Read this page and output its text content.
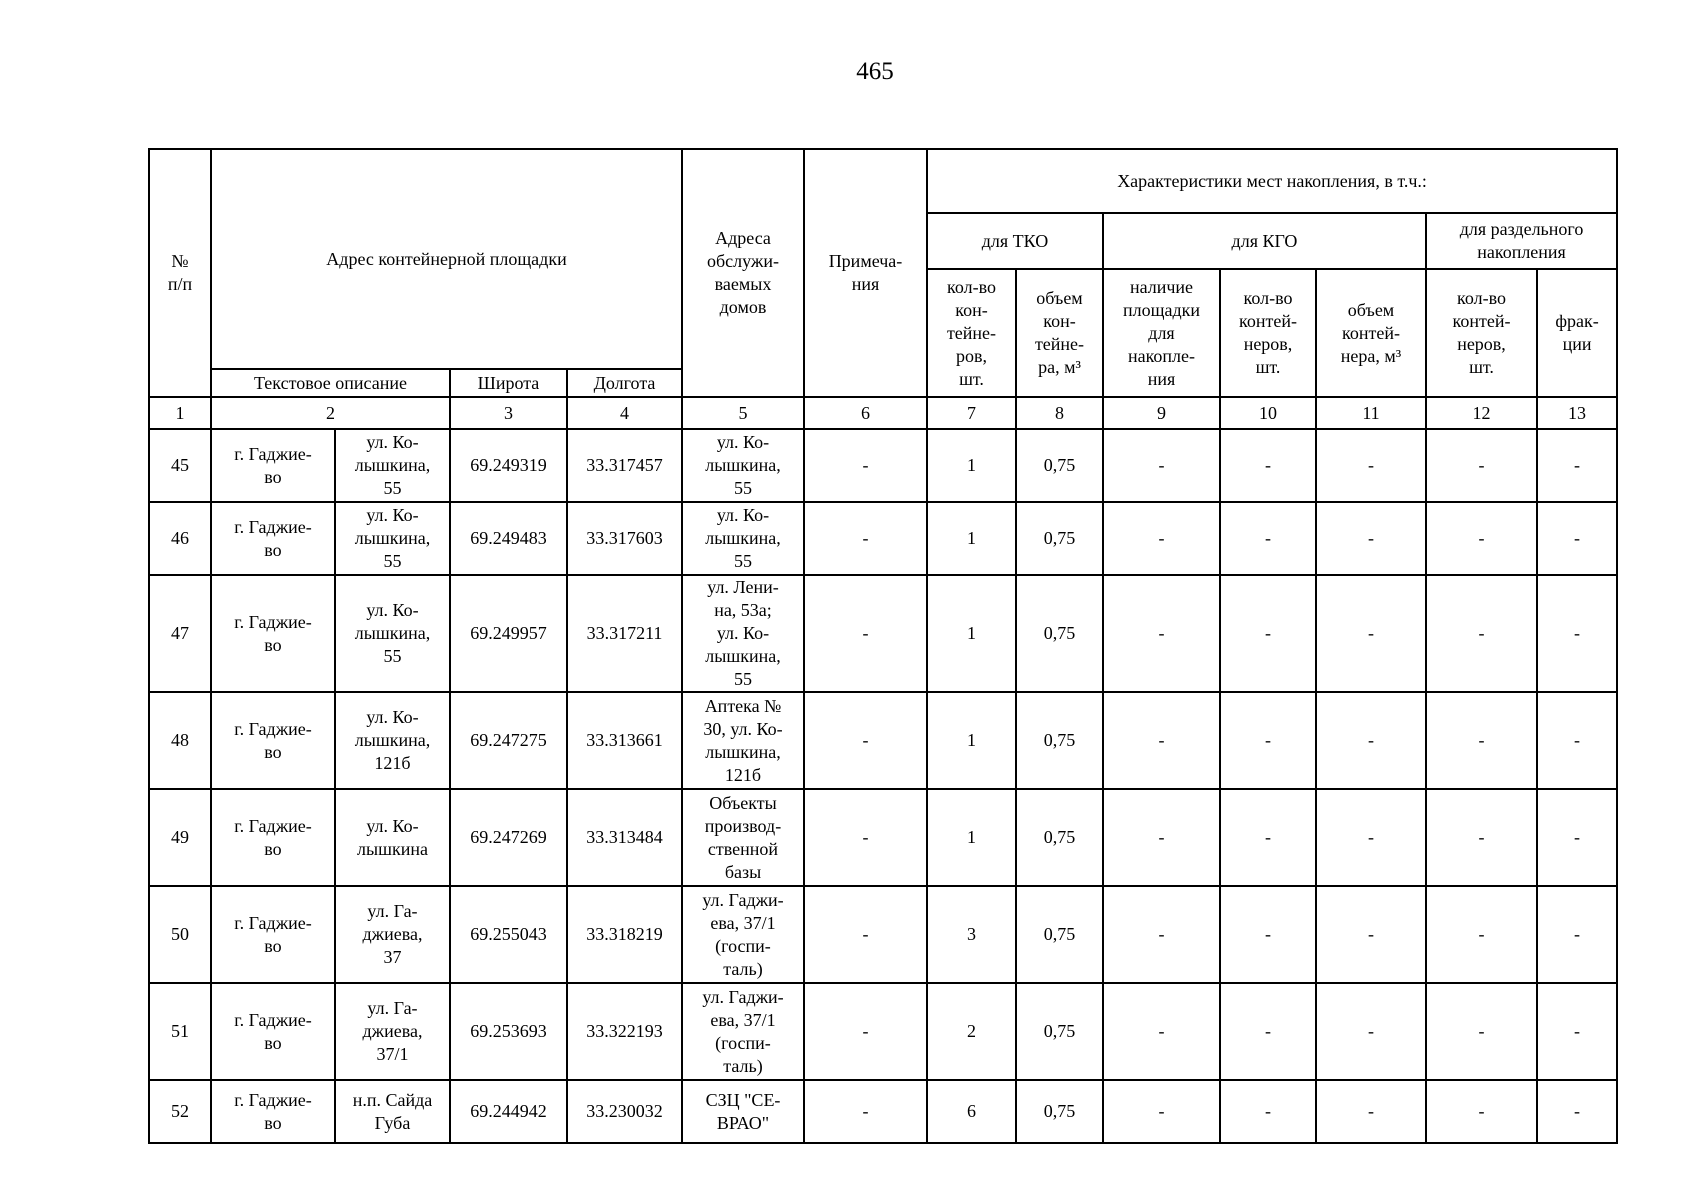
465
№
п/п	Адрес контейнерной площадки				Адреса
обслужи-
ваемых
домов	Примеча-
ния	Характеристики мест накопления, в т.ч.:						
							для ТКО		для КГО			для раздельного
накопления	
							кол-во
кон-
тейне-
ров,
шт.	объем
кон-
тейне-
ра, м³	наличие
площадки
для
накопле-
ния	кол-во
контей-
неров,
шт.	объем
контей-
нера, м³	кол-во
контей-
неров,
шт.	фрак-
ции
	Текстовое описание		Широта	Долгота									
1	2		3	4	5	6	7	8	9	10	11	12	13
45	г. Гаджие-
во	ул. Ко-
лышкина,
55	69.249319	33.317457	ул. Ко-
лышкина,
55	-	1	0,75	-	-	-	-	-
46	г. Гаджие-
во	ул. Ко-
лышкина,
55	69.249483	33.317603	ул. Ко-
лышкина,
55	-	1	0,75	-	-	-	-	-
47	г. Гаджие-
во	ул. Ко-
лышкина,
55	69.249957	33.317211	ул. Лени-
на, 53а;
ул. Ко-
лышкина,
55	-	1	0,75	-	-	-	-	-
48	г. Гаджие-
во	ул. Ко-
лышкина,
121б	69.247275	33.313661	Аптека №
30, ул. Ко-
лышкина,
121б	-	1	0,75	-	-	-	-	-
49	г. Гаджие-
во	ул. Ко-
лышкина	69.247269	33.313484	Объекты
производ-
ственной
базы	-	1	0,75	-	-	-	-	-
50	г. Гаджие-
во	ул. Га-
джиева,
37	69.255043	33.318219	ул. Гаджи-
ева, 37/1
(госпи-
таль)	-	3	0,75	-	-	-	-	-
51	г. Гаджие-
во	ул. Га-
джиева,
37/1	69.253693	33.322193	ул. Гаджи-
ева, 37/1
(госпи-
таль)	-	2	0,75	-	-	-	-	-
52	г. Гаджие-
во	н.п. Сайда
Губа	69.244942	33.230032	СЗЦ "СЕ-
ВРАО"	-	6	0,75	-	-	-	-	-
